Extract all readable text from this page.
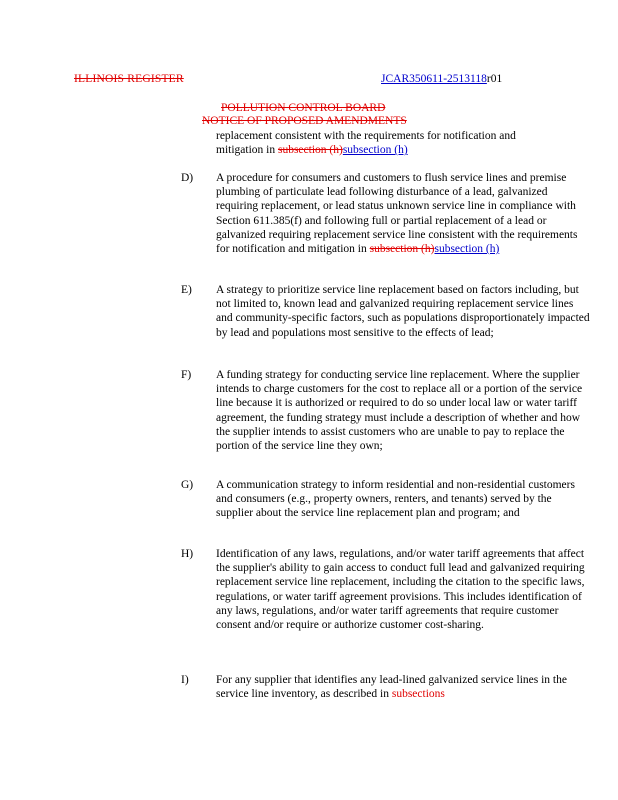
ILLINOIS REGISTER	JCAR350611-2513118r01
POLLUTION CONTROL BOARD
NOTICE OF PROPOSED AMENDMENTS

replacement consistent with the requirements for notification and

mitigation in subsection (h)subsection (h)

D) A procedure for consumers and customers to flush service lines and premise plumbing of particulate lead following disturbance of a lead, galvanized requiring replacement, or lead status unknown service line in compliance with Section 611.385(f) and following full or partial replacement of a lead or galvanized requiring replacement service line consistent with the requirements for notification and mitigation in subsection (h)subsection (h)
E) A strategy to prioritize service line replacement based on factors including, but not limited to, known lead and galvanized requiring replacement service lines and community-specific factors, such as populations disproportionately impacted by lead and populations most sensitive to the effects of lead;
F) A funding strategy for conducting service line replacement. Where the supplier intends to charge customers for the cost to replace all or a portion of the service line because it is authorized or required to do so under local law or water tariff agreement, the funding strategy must include a description of whether and how the supplier intends to assist customers who are unable to pay to replace the portion of the service line they own;
G) A communication strategy to inform residential and non-residential customers and consumers (e.g., property owners, renters, and tenants) served by the supplier about the service line replacement plan and program; and
H) Identification of any laws, regulations, and/or water tariff agreements that affect the supplier's ability to gain access to conduct full lead and galvanized requiring replacement service line replacement, including the citation to the specific laws, regulations, or water tariff agreement provisions. This includes identification of any laws, regulations, and/or water tariff agreements that require customer consent and/or require or authorize customer cost-sharing.
I) For any supplier that identifies any lead-lined galvanized service lines in the service line inventory, as described in subsections
